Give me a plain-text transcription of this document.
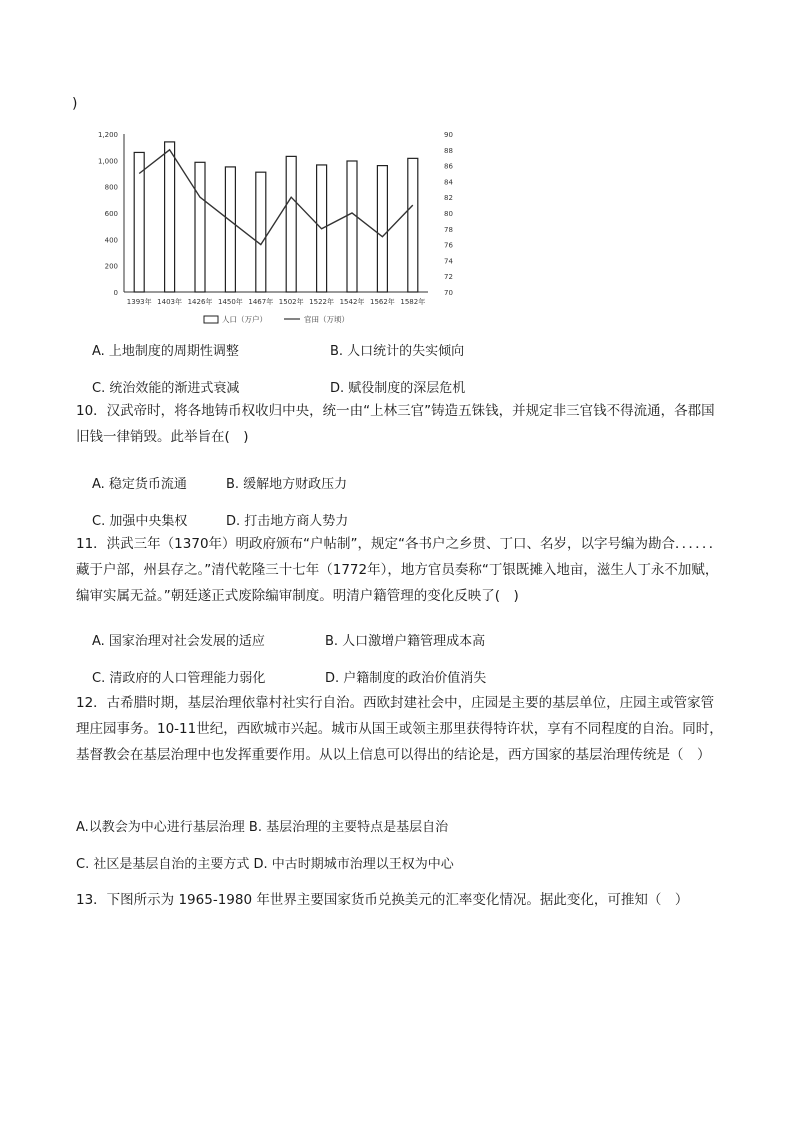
)
0
200
400
600
800
1,000
1,200
70
72
74
76
78
80
82
84
86
88
90
1393年 1403年 1426年 1450年 1467年 1502年 1522年 1542年 1562年 1582年
人口（万户）	官田（万顷）
A. 上地制度的周期性调整	B. 人口统计的失实倾向
C. 统治效能的渐进式衰减	D. 赋役制度的深层危机
10．汉武帝时，将各地铸币权收归中央，统一由“上林三官”铸造五铢钱，并规定非三官钱不得流通，各郡国旧钱一律销毁。此举旨在(　)
A. 稳定货币流通	B. 缓解地方财政压力
C. 加强中央集权	D. 打击地方商人势力
11．洪武三年（1370年）明政府颁布“户帖制”，规定“各书户之乡贯、丁口、名岁，以字号编为勘合．．．．．．藏于户部，州县存之。”清代乾隆三十七年（1772年），地方官员奏称“丁银既摊入地亩，滋生人丁永不加赋，编审实属无益。”朝廷遂正式废除编审制度。明清户籍管理的变化反映了(　)
A. 国家治理对社会发展的适应	B. 人口激增户籍管理成本高
C. 清政府的人口管理能力弱化	D. 户籍制度的政治价值消失
12．古希腊时期，基层治理依靠村社实行自治。西欧封建社会中，庄园是主要的基层单位，庄园主或管家管理庄园事务。10-11世纪，西欧城市兴起。城市从国王或领主那里获得特许状，享有不同程度的自治。同时，基督教会在基层治理中也发挥重要作用。从以上信息可以得出的结论是，西方国家的基层治理传统是（　）
A.以教会为中心进行基层治理 B. 基层治理的主要特点是基层自治
C. 社区是基层自治的主要方式 D. 中古时期城市治理以王权为中心
13．下图所示为 1965-1980 年世界主要国家货币兑换美元的汇率变化情况。据此变化，可推知（　）
